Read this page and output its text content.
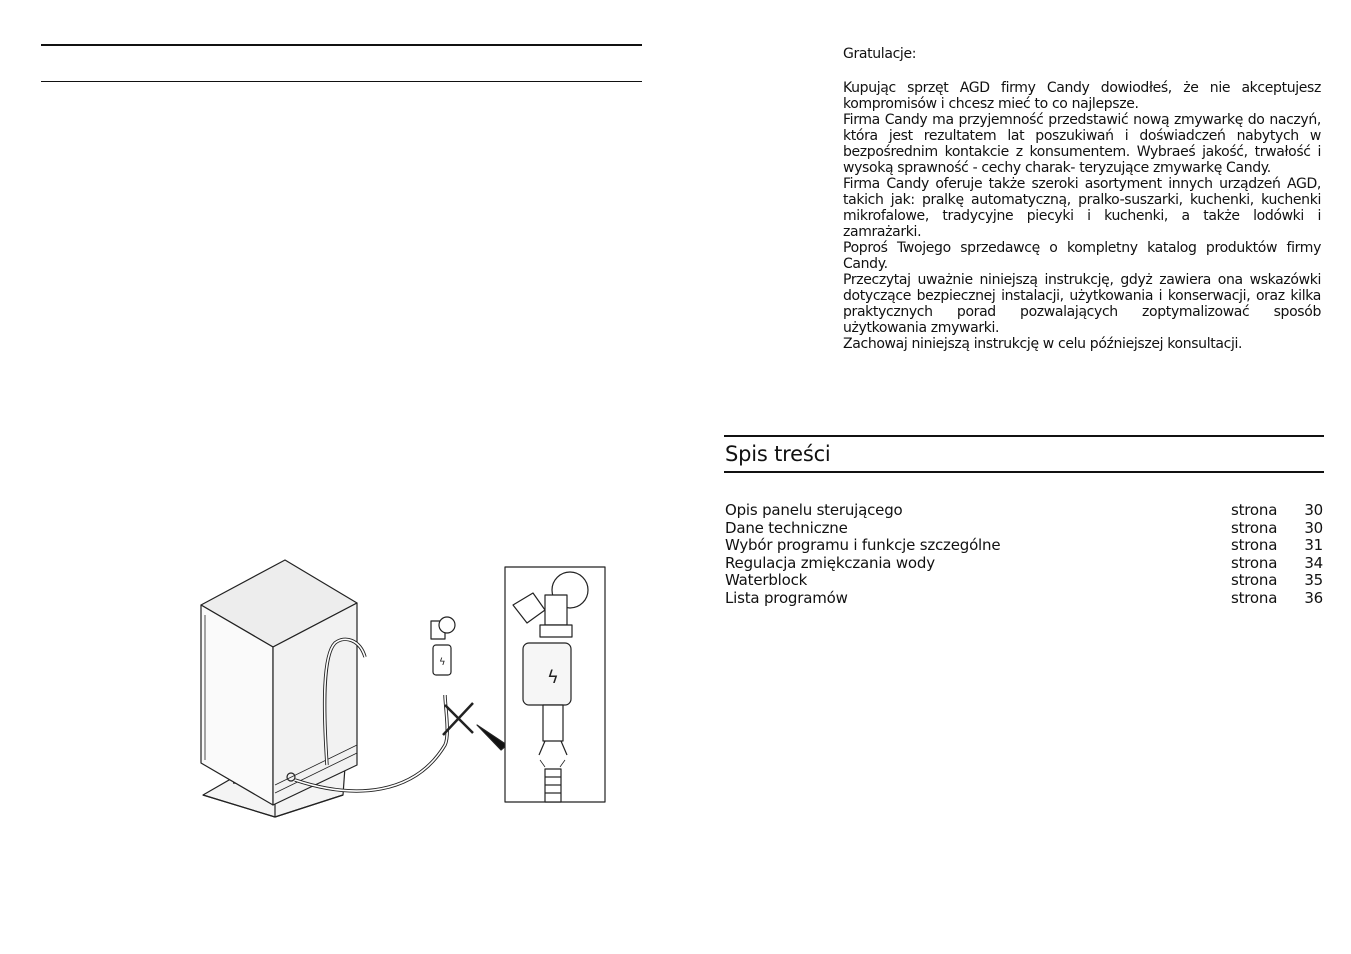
Gratulacje:

Kupując sprzęt AGD firmy Candy dowiodłeś, że nie akceptujesz kompromisów i chcesz mieć to co najlepsze.

Firma Candy ma przyjemność przedstawić nową zmywarkę do naczyń, która jest rezultatem lat poszukiwań i doświadczeń nabytych w bezpośrednim kontakcie z konsumentem. Wybraeś jakość, trwałość i wysoką sprawność - cechy charak- teryzujące zmywarkę Candy.

Firma Candy oferuje także szeroki asortyment innych urządzeń AGD, takich jak: pralkę automatyczną, pralko-suszarki, kuchenki, kuchenki mikrofalowe, tradycyjne piecyki i kuchenki, a także lodówki i zamrażarki.

Poproś Twojego sprzedawcę o kompletny katalog produktów firmy Candy.

Przeczytaj uważnie niniejszą instrukcję, gdyż zawiera ona wskazówki dotyczące bezpiecznej instalacji, użytkowania i konserwacji, oraz kilka praktycznych porad pozwalających zoptymalizować sposób użytkowania zmywarki.

Zachowaj niniejszą instrukcję w celu późniejszej konsultacji.

Spis treści
Opis panelu sterującego	strona 30
Dane techniczne	strona 30
Wybór programu i funkcje szczególne	strona 31
Regulacja zmiękczania wody	strona 34
Waterblock	strona 35
Lista programów	strona 36
ϟ
ϟ
